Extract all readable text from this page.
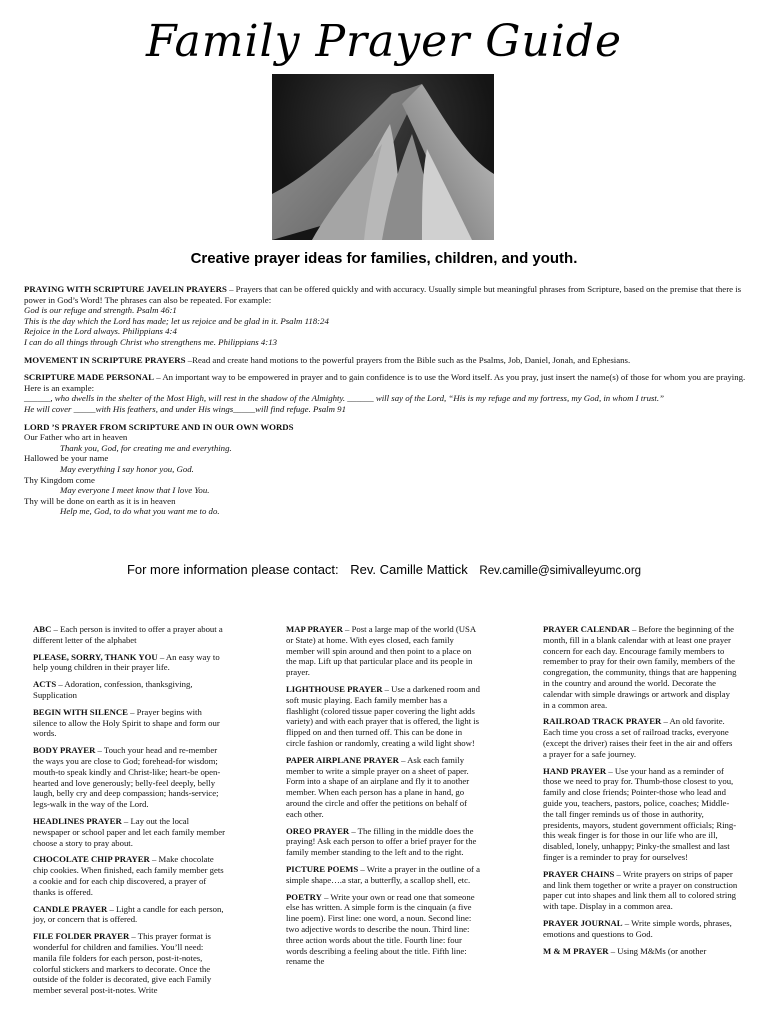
Family Prayer Guide
Creative prayer ideas for families, children, and youth.

PRAYING WITH SCRIPTURE JAVELIN PRAYERS – Prayers that can be offered quickly and with accuracy. Usually simple but meaningful phrases from Scripture, based on the premise that there is power in God’s Word! The phrases can also be repeated. For example:
God is our refuge and strength. Psalm 46:1
This is the day which the Lord has made; let us rejoice and be glad in it. Psalm 118:24
Rejoice in the Lord always. Philippians 4:4
I can do all things through Christ who strengthens me. Philippians 4:13

MOVEMENT IN SCRIPTURE PRAYERS –Read and create hand motions to the powerful prayers from the Bible such as the Psalms, Job, Daniel, Jonah, and Ephesians.

SCRIPTURE MADE PERSONAL – An important way to be empowered in prayer and to gain confidence is to use the Word itself. As you pray, just insert the name(s) of those for whom you are praying. Here is an example:
______, who dwells in the shelter of the Most High, will rest in the shadow of the Almighty. ______ will say of the Lord, “His is my refuge and my fortress, my God, in whom I trust.”
He will cover _____with His feathers, and under His wings_____will find refuge. Psalm 91

LORD ’S PRAYER FROM SCRIPTURE AND IN OUR OWN WORDS
Our Father who art in heaven
Thank you, God, for creating me and everything.
Hallowed be your name
May everything I say honor you, God.
Thy Kingdom come
May everyone I meet know that I love You.
Thy will be done on earth as it is in heaven
Help me, God, to do what you want me to do.

For more information please contact: Rev. Camille Mattick Rev.camille@simivalleyumc.org

ABC – Each person is invited to offer a prayer about a different letter of the alphabet

PLEASE, SORRY, THANK YOU – An easy way to help young children in their prayer life.

ACTS – Adoration, confession, thanksgiving, Supplication

BEGIN WITH SILENCE – Prayer begins with silence to allow the Holy Spirit to shape and form our words.

BODY PRAYER – Touch your head and re-member the ways you are close to God; forehead-for wisdom; mouth-to speak kindly and Christ-like; heart-be open-hearted and love generously; belly-feel deeply, belly laugh, belly cry and deep compassion; hands-service; legs-walk in the way of the Lord.

HEADLINES PRAYER – Lay out the local newspaper or school paper and let each family member choose a story to pray about.

CHOCOLATE CHIP PRAYER – Make chocolate chip cookies. When finished, each family member gets a cookie and for each chip discovered, a prayer of thanks is offered.

CANDLE PRAYER – Light a candle for each person, joy, or concern that is offered.

FILE FOLDER PRAYER – This prayer format is wonderful for children and families. You’ll need: manila file folders for each person, post-it-notes, colorful stickers and markers to decorate. Once the outside of the folder is decorated, give each Family member several post-it-notes. Write

MAP PRAYER – Post a large map of the world (USA or State) at home. With eyes closed, each family member will spin around and then point to a place on the map. Lift up that particular place and its people in prayer.

LIGHTHOUSE PRAYER – Use a darkened room and soft music playing. Each family member has a flashlight (colored tissue paper covering the light adds variety) and with each prayer that is offered, the light is flipped on and then turned off. This can be done in circle fashion or randomly, creating a wild light show!

PAPER AIRPLANE PRAYER – Ask each family member to write a simple prayer on a sheet of paper. Form into a shape of an airplane and fly it to another member. When each person has a plane in hand, go around the circle and offer the petitions on behalf of each other.

OREO PRAYER – The filling in the middle does the praying! Ask each person to offer a brief prayer for the family member standing to the left and to the right.

PICTURE POEMS – Write a prayer in the outline of a simple shape….a star, a butterfly, a scallop shell, etc.

POETRY – Write your own or read one that someone else has written. A simple form is the cinquain (a five line poem). First line: one word, a noun. Second line: two adjective words to describe the noun. Third line: three action words about the title. Fourth line: four words describing a feeling about the title. Fifth line: rename the

PRAYER CALENDAR – Before the beginning of the month, fill in a blank calendar with at least one prayer concern for each day. Encourage family members to remember to pray for their own family, members of the congregation, the community, things that are happening in the country and around the world. Decorate the calendar with simple drawings or artwork and display in a common area.

RAILROAD TRACK PRAYER – An old favorite. Each time you cross a set of railroad tracks, everyone (except the driver) raises their feet in the air and offers a prayer for a safe journey.

HAND PRAYER – Use your hand as a reminder of those we need to pray for. Thumb-those closest to you, family and close friends; Pointer-those who lead and guide you, teachers, pastors, police, coaches; Middle-the tall finger reminds us of those in authority, presidents, mayors, student government officials; Ring-this weak finger is for those in our life who are ill, disabled, lonely, unhappy; Pinky-the smallest and last finger is a reminder to pray for ourselves!

PRAYER CHAINS – Write prayers on strips of paper and link them together or write a prayer on construction paper cut into shapes and link them all to colored string with tape. Display in a common area.

PRAYER JOURNAL – Write simple words, phrases, emotions and questions to God.

M & M PRAYER – Using M&Ms (or another
